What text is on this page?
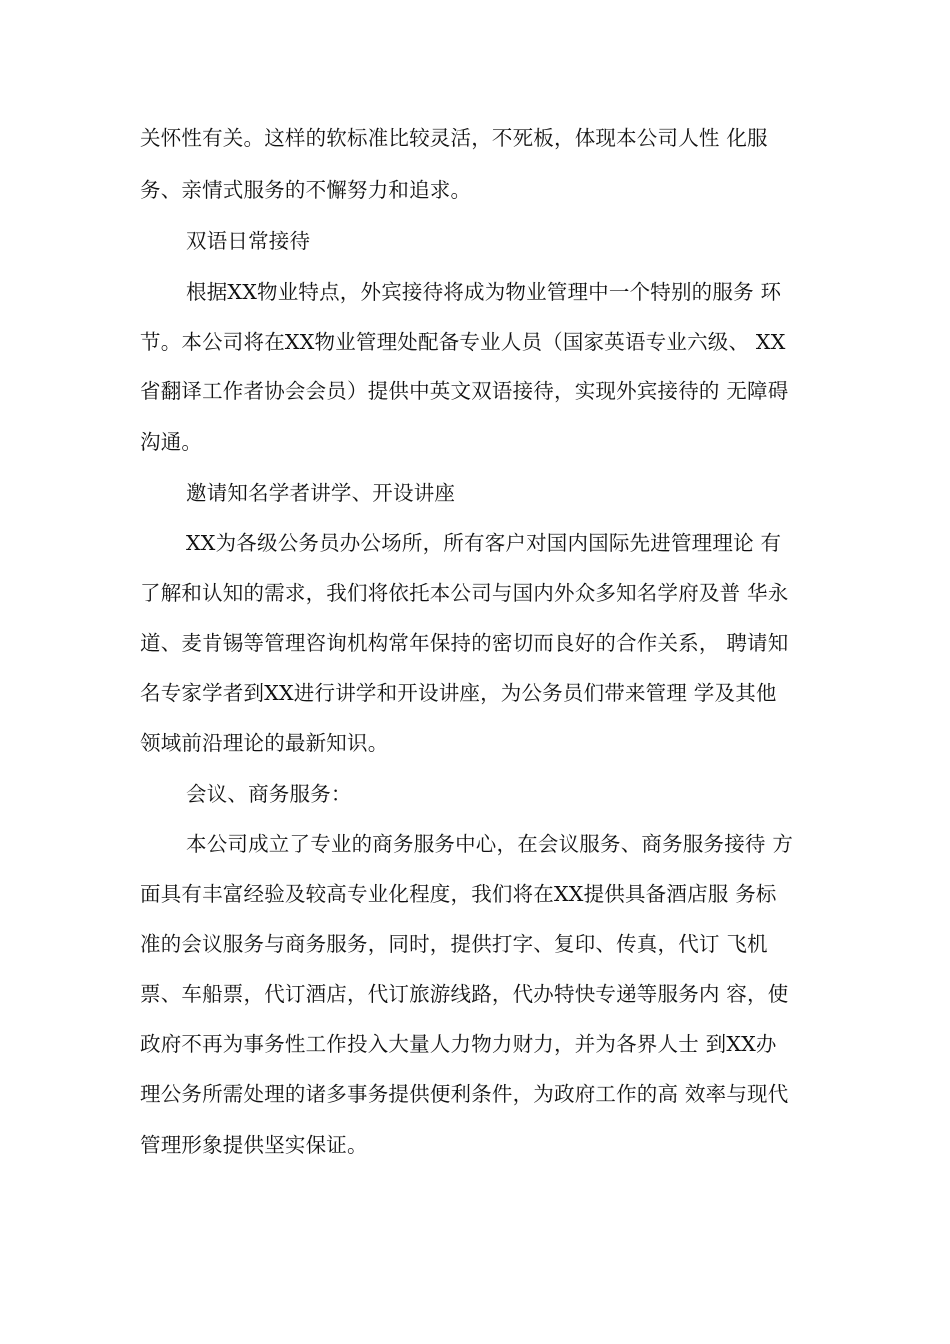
关怀性有关。这样的软标准比较灵活，不死板，体现本公司人性 化服
务、亲情式服务的不懈努力和追求。
双语日常接待
根据XX物业特点，外宾接待将成为物业管理中一个特别的服务 环
节。本公司将在XX物业管理处配备专业人员（国家英语专业六级、 XX
省翻译工作者协会会员）提供中英文双语接待，实现外宾接待的 无障碍
沟通。
邀请知名学者讲学、开设讲座
XX为各级公务员办公场所，所有客户对国内国际先进管理理论 有
了解和认知的需求，我们将依托本公司与国内外众多知名学府及普 华永
道、麦肯锡等管理咨询机构常年保持的密切而良好的合作关系， 聘请知
名专家学者到XX进行讲学和开设讲座，为公务员们带来管理 学及其他
领域前沿理论的最新知识。
会议、商务服务：
本公司成立了专业的商务服务中心，在会议服务、商务服务接待 方
面具有丰富经验及较高专业化程度，我们将在XX提供具备酒店服 务标
准的会议服务与商务服务，同时，提供打字、复印、传真，代订 飞机
票、车船票，代订酒店，代订旅游线路，代办特快专递等服务内 容，使
政府不再为事务性工作投入大量人力物力财力，并为各界人士 到XX办
理公务所需处理的诸多事务提供便利条件，为政府工作的高 效率与现代
管理形象提供坚实保证。
